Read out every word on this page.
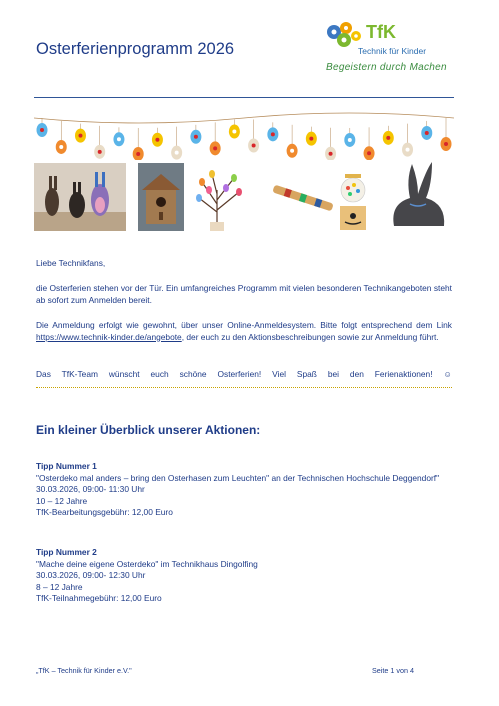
Osterferienprogramm 2026
TfK
Technik für Kinder
Begeistern durch Machen
Liebe Technikfans,
die Osterferien stehen vor der Tür. Ein umfangreiches Programm mit vielen besonderen Technikangeboten steht ab sofort zum Anmelden bereit.
Die Anmeldung erfolgt wie gewohnt, über unser Online-Anmeldesystem. Bitte folgt entsprechend dem Link https://www.technik-kinder.de/angebote, der euch zu den Aktionsbeschreibungen sowie zur Anmeldung führt.
Das TfK-Team wünscht euch schöne Osterferien! Viel Spaß bei den Ferienaktionen! ☺
Ein kleiner Überblick unserer Aktionen:
Tipp Nummer 1
"Osterdeko mal anders – bring den Osterhasen zum Leuchten" an der Technischen Hochschule Deggendorf"
30.03.2026, 09:00- 11:30 Uhr
10 – 12 Jahre
TfK-Bearbeitungsgebühr: 12,00 Euro
Tipp Nummer 2
"Mache deine eigene Osterdeko" im Technikhaus Dingolfing
30.03.2026, 09:00- 12:30 Uhr
8 – 12 Jahre
TfK-Teilnahmegebühr: 12,00 Euro
„TfK – Technik für Kinder e.V."	Seite 1 von 4
